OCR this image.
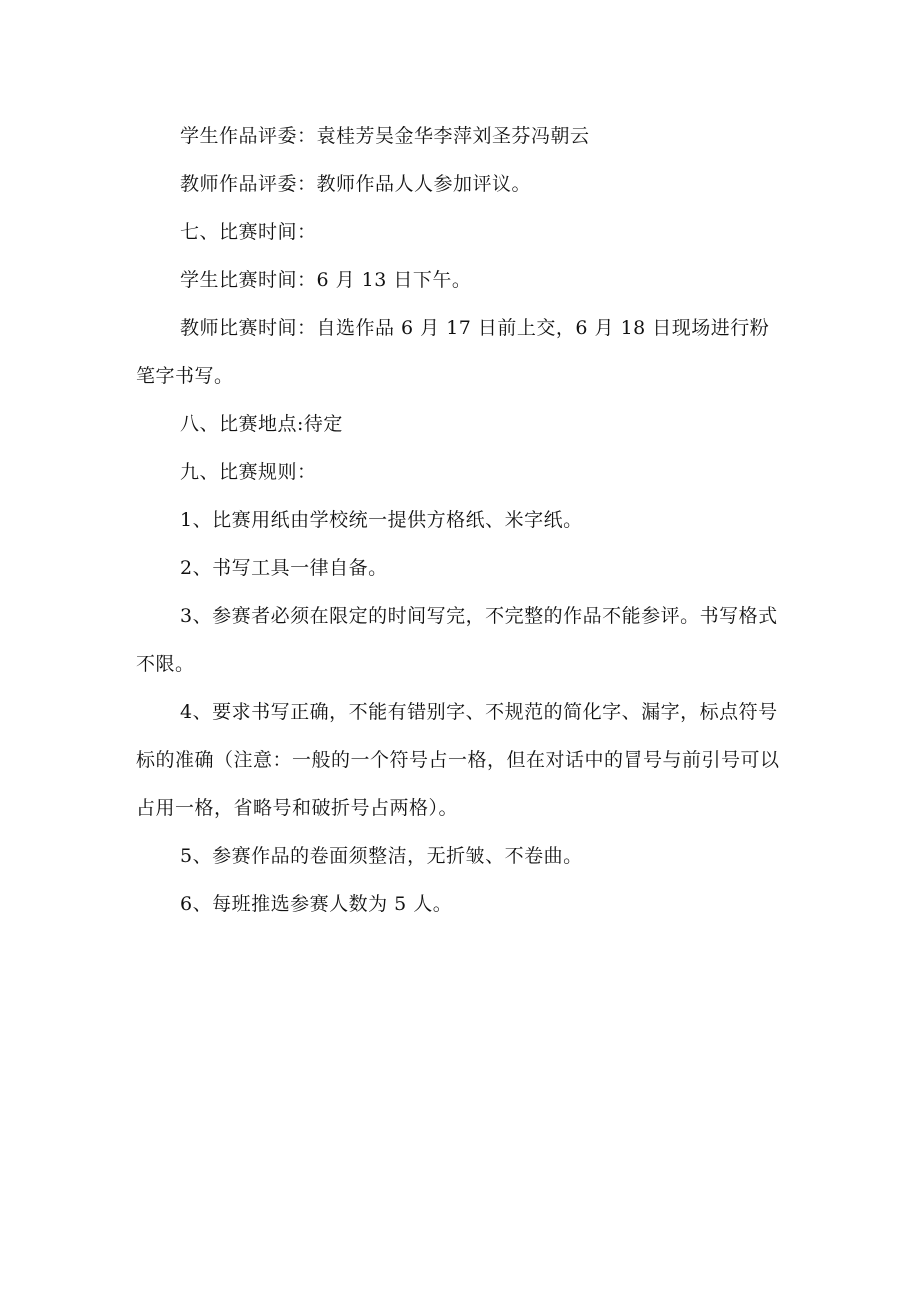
学生作品评委：袁桂芳吴金华李萍刘圣芬冯朝云

教师作品评委：教师作品人人参加评议。

七、比赛时间：

学生比赛时间：6 月 13 日下午。

教师比赛时间：自选作品 6 月 17 日前上交，6 月 18 日现场进行粉笔字书写。

八、比赛地点:待定

九、比赛规则：

1、比赛用纸由学校统一提供方格纸、米字纸。

2、书写工具一律自备。

3、参赛者必须在限定的时间写完，不完整的作品不能参评。书写格式不限。

4、要求书写正确，不能有错别字、不规范的简化字、漏字，标点符号标的准确（注意：一般的一个符号占一格，但在对话中的冒号与前引号可以占用一格，省略号和破折号占两格）。

5、参赛作品的卷面须整洁，无折皱、不卷曲。

6、每班推选参赛人数为 5 人。
